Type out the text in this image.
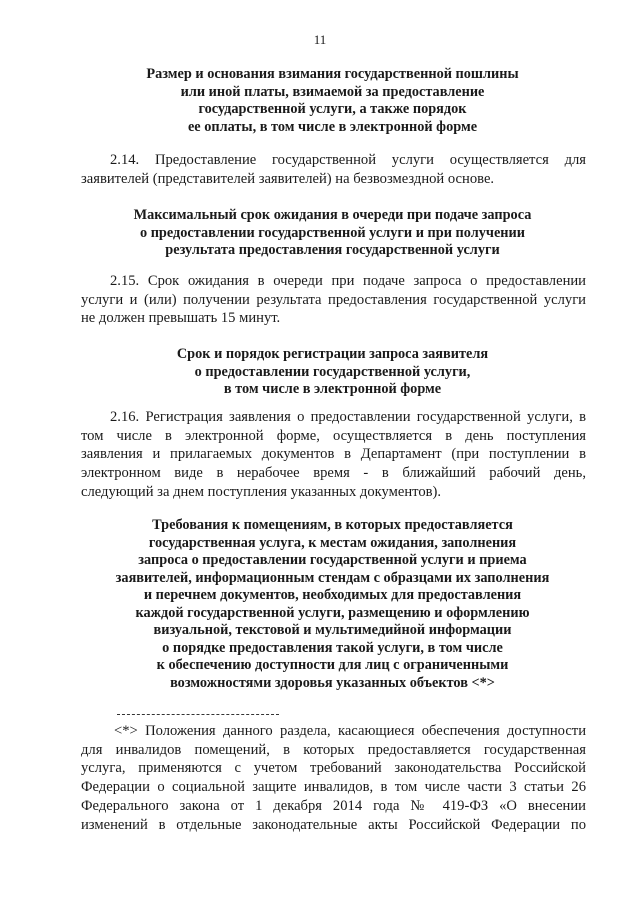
11
Размер и основания взимания государственной пошлины
или иной платы, взимаемой за предоставление
государственной услуги, а также порядок
ее оплаты, в том числе в электронной форме
2.14. Предоставление государственной услуги осуществляется для
заявителей (представителей заявителей) на безвозмездной основе.
Максимальный срок ожидания в очереди при подаче запроса
о предоставлении государственной услуги и при получении
результата предоставления государственной услуги
2.15. Срок ожидания в очереди при подаче запроса о предоставлении
услуги и (или) получении результата предоставления государственной услуги
не должен превышать 15 минут.
Срок и порядок регистрации запроса заявителя
о предоставлении государственной услуги,
в том числе в электронной форме
2.16. Регистрация заявления о предоставлении государственной услуги, в
том числе в электронной форме, осуществляется в день поступления
заявления и прилагаемых документов в Департамент (при поступлении в
электронном виде в нерабочее время - в ближайший рабочий день,
следующий за днем поступления указанных документов).
Требования к помещениям, в которых предоставляется
государственная услуга, к местам ожидания, заполнения
запроса о предоставлении государственной услуги и приема
заявителей, информационным стендам с образцами их заполнения
и перечнем документов, необходимых для предоставления
каждой государственной услуги, размещению и оформлению
визуальной, текстовой и мультимедийной информации
о порядке предоставления такой услуги, в том числе
к обеспечению доступности для лиц с ограниченными
возможностями здоровья указанных объектов <*>
<*> Положения данного раздела, касающиеся обеспечения доступности
для инвалидов помещений, в которых предоставляется государственная
услуга, применяются с учетом требований законодательства Российской
Федерации о социальной защите инвалидов, в том числе части 3 статьи 26
Федерального закона от 1 декабря 2014 года № 419-ФЗ «О внесении
изменений в отдельные законодательные акты Российской Федерации по
